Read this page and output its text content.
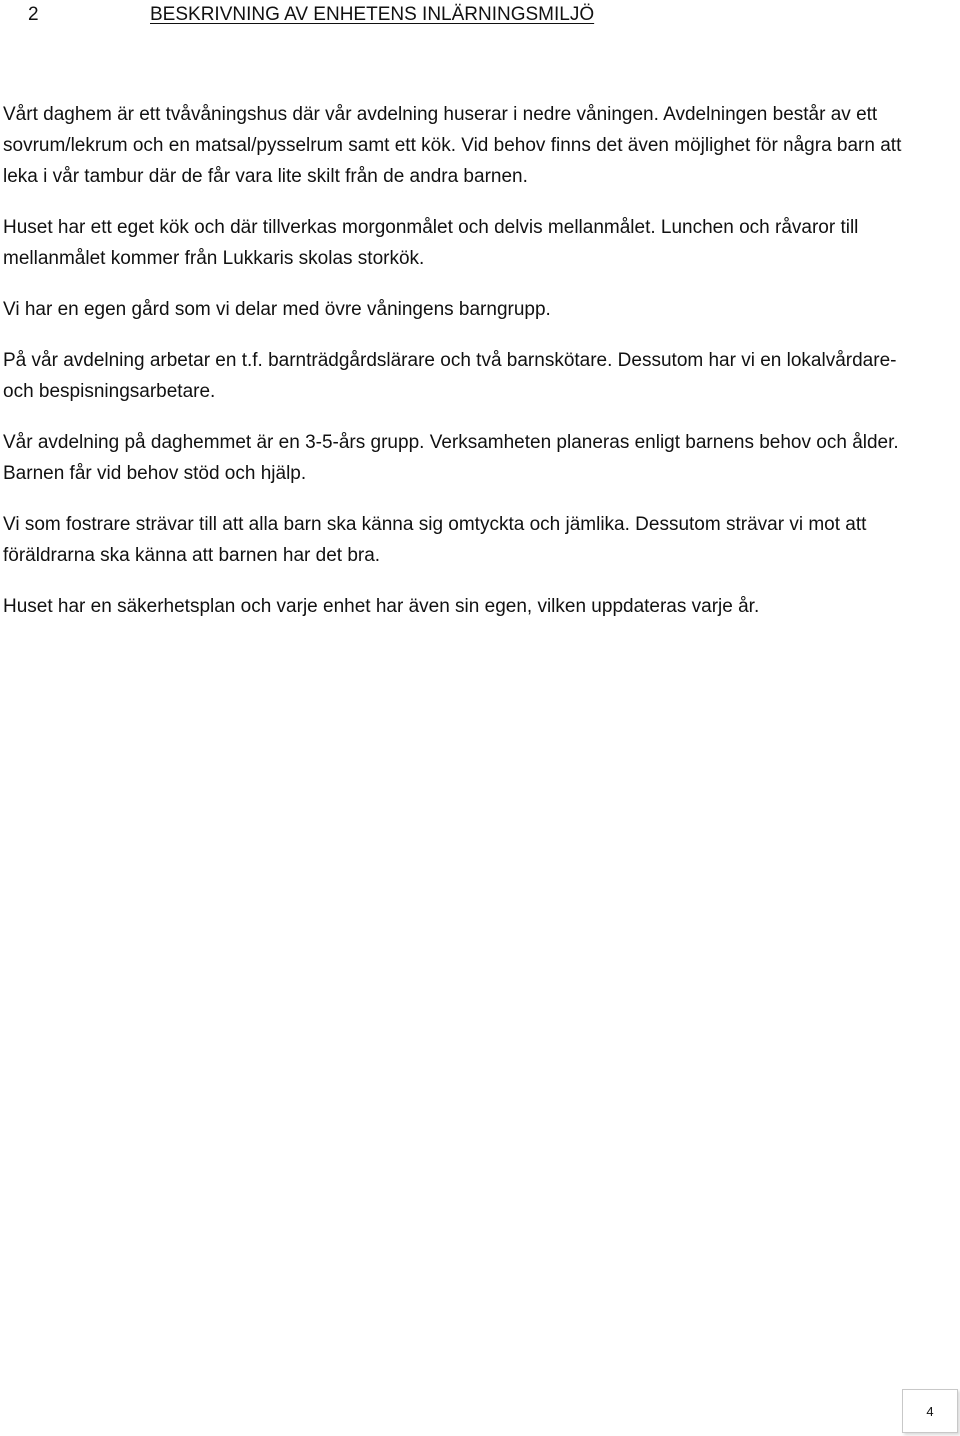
2	BESKRIVNING AV ENHETENS INLÄRNINGSMILJÖ

Vårt daghem är ett tvåvåningshus där vår avdelning huserar i nedre våningen. Avdelningen består av ett sovrum/lekrum och en matsal/pysselrum samt ett kök. Vid behov finns det även möjlighet för några barn att leka i vår tambur där de får vara lite skilt från de andra barnen.

Huset har ett eget kök och där tillverkas morgonmålet och delvis mellanmålet. Lunchen och råvaror till mellanmålet kommer från Lukkaris skolas storkök.

Vi har en egen gård som vi delar med övre våningens barngrupp.

På vår avdelning arbetar en t.f. barnträdgårdslärare och två barnskötare. Dessutom har vi en lokalvårdare- och bespisningsarbetare.

Vår avdelning på daghemmet är en 3-5-års grupp. Verksamheten planeras enligt barnens behov och ålder. Barnen får vid behov stöd och hjälp.

Vi som fostrare strävar till att alla barn ska känna sig omtyckta och jämlika. Dessutom strävar vi mot att föräldrarna ska känna att barnen har det bra.

Huset har en säkerhetsplan och varje enhet har även sin egen, vilken uppdateras varje år.

4
